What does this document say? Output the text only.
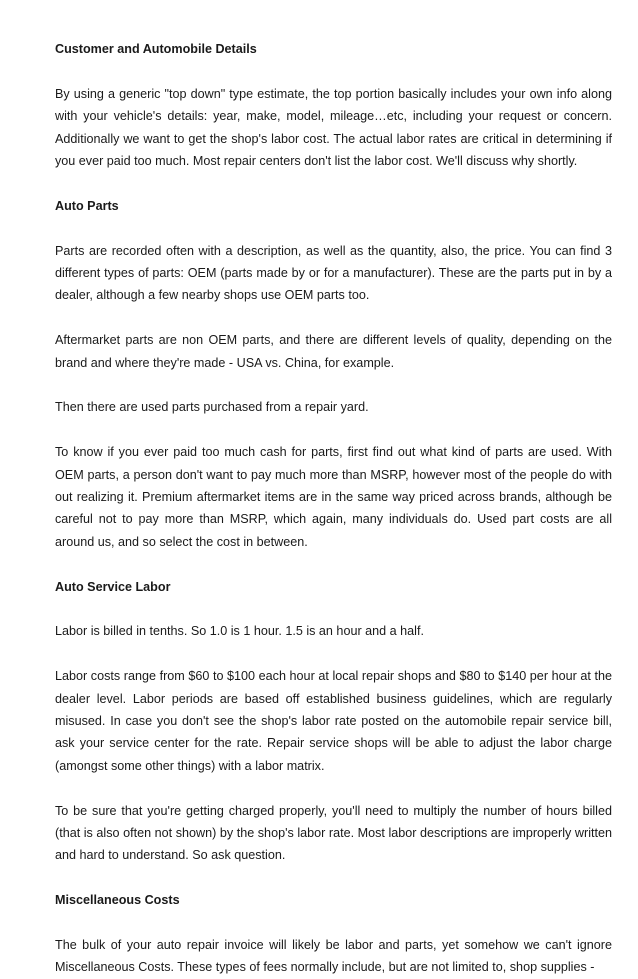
Customer and Automobile Details
By using a generic "top down" type estimate, the top portion basically includes your own info along with your vehicle's details: year, make, model, mileage…etc, including your request or concern. Additionally we want to get the shop's labor cost. The actual labor rates are critical in determining if you ever paid too much. Most repair centers don't list the labor cost. We'll discuss why shortly.
Auto Parts
Parts are recorded often with a description, as well as the quantity, also, the price. You can find 3 different types of parts: OEM (parts made by or for a manufacturer). These are the parts put in by a dealer, although a few nearby shops use OEM parts too.
Aftermarket parts are non OEM parts, and there are different levels of quality, depending on the brand and where they're made - USA vs. China, for example.
Then there are used parts purchased from a repair yard.
To know if you ever paid too much cash for parts, first find out what kind of parts are used. With OEM parts, a person don't want to pay much more than MSRP, however most of the people do with out realizing it. Premium aftermarket items are in the same way priced across brands, although be careful not to pay more than MSRP, which again, many individuals do. Used part costs are all around us, and so select the cost in between.
Auto Service Labor
Labor is billed in tenths. So 1.0 is 1 hour. 1.5 is an hour and a half.
Labor costs range from $60 to $100 each hour at local repair shops and $80 to $140 per hour at the dealer level. Labor periods are based off established business guidelines, which are regularly misused. In case you don't see the shop's labor rate posted on the automobile repair service bill, ask your service center for the rate. Repair service shops will be able to adjust the labor charge (amongst some other things) with a labor matrix.
To be sure that you're getting charged properly, you'll need to multiply the number of hours billed (that is also often not shown) by the shop's labor rate. Most labor descriptions are improperly written and hard to understand. So ask question.
Miscellaneous Costs
The bulk of your auto repair invoice will likely be labor and parts, yet somehow we can't ignore Miscellaneous Costs. These types of fees normally include, but are not limited to, shop supplies -
